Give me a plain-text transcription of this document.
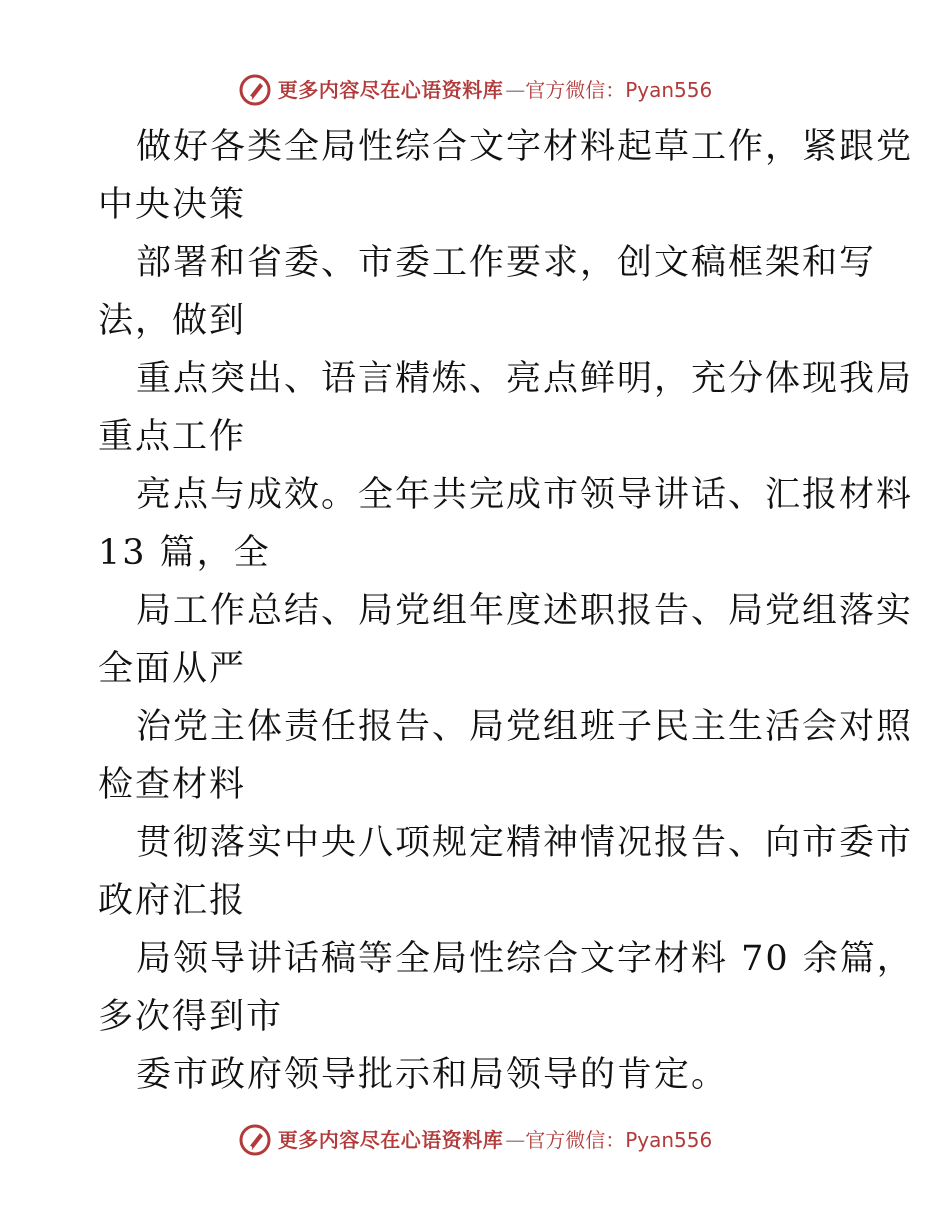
更多内容尽在心语资料库 — 官方微信：Pyan556
做好各类全局性综合文字材料起草工作，紧跟党
中央决策
部署和省委、市委工作要求，创文稿框架和写
法，做到
重点突出、语言精炼、亮点鲜明，充分体现我局
重点工作
亮点与成效。全年共完成市领导讲话、汇报材料
13 篇，全
局工作总结、局党组年度述职报告、局党组落实
全面从严
治党主体责任报告、局党组班子民主生活会对照
检查材料
贯彻落实中央八项规定精神情况报告、向市委市
政府汇报
局领导讲话稿等全局性综合文字材料 70 余篇，
多次得到市
委市政府领导批示和局领导的肯定。
更多内容尽在心语资料库 — 官方微信：Pyan556
